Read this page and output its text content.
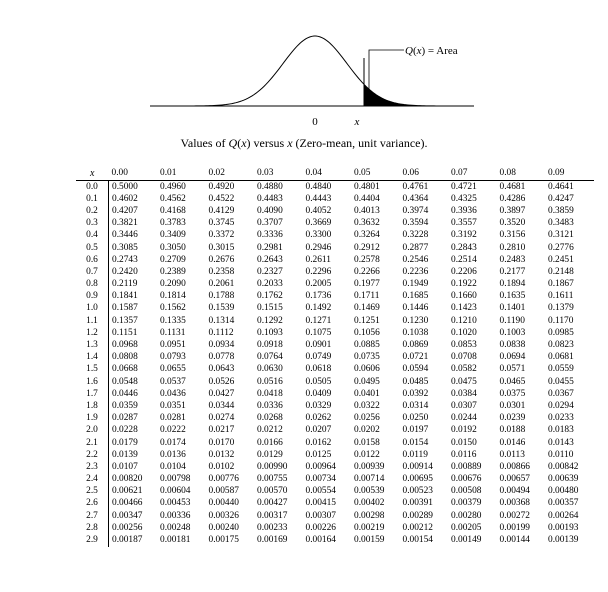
Q(x) = Area
0	x
Values of Q(x) versus x (Zero-mean, unit variance).
x	0.00	0.01	0.02	0.03	0.04	0.05	0.06	0.07	0.08	0.09
0.0	0.5000	0.4960	0.4920	0.4880	0.4840	0.4801	0.4761	0.4721	0.4681	0.4641
0.1	0.4602	0.4562	0.4522	0.4483	0.4443	0.4404	0.4364	0.4325	0.4286	0.4247
0.2	0.4207	0.4168	0.4129	0.4090	0.4052	0.4013	0.3974	0.3936	0.3897	0.3859
0.3	0.3821	0.3783	0.3745	0.3707	0.3669	0.3632	0.3594	0.3557	0.3520	0.3483
0.4	0.3446	0.3409	0.3372	0.3336	0.3300	0.3264	0.3228	0.3192	0.3156	0.3121
0.5	0.3085	0.3050	0.3015	0.2981	0.2946	0.2912	0.2877	0.2843	0.2810	0.2776
0.6	0.2743	0.2709	0.2676	0.2643	0.2611	0.2578	0.2546	0.2514	0.2483	0.2451
0.7	0.2420	0.2389	0.2358	0.2327	0.2296	0.2266	0.2236	0.2206	0.2177	0.2148
0.8	0.2119	0.2090	0.2061	0.2033	0.2005	0.1977	0.1949	0.1922	0.1894	0.1867
0.9	0.1841	0.1814	0.1788	0.1762	0.1736	0.1711	0.1685	0.1660	0.1635	0.1611
1.0	0.1587	0.1562	0.1539	0.1515	0.1492	0.1469	0.1446	0.1423	0.1401	0.1379
1.1	0.1357	0.1335	0.1314	0.1292	0.1271	0.1251	0.1230	0.1210	0.1190	0.1170
1.2	0.1151	0.1131	0.1112	0.1093	0.1075	0.1056	0.1038	0.1020	0.1003	0.0985
1.3	0.0968	0.0951	0.0934	0.0918	0.0901	0.0885	0.0869	0.0853	0.0838	0.0823
1.4	0.0808	0.0793	0.0778	0.0764	0.0749	0.0735	0.0721	0.0708	0.0694	0.0681
1.5	0.0668	0.0655	0.0643	0.0630	0.0618	0.0606	0.0594	0.0582	0.0571	0.0559
1.6	0.0548	0.0537	0.0526	0.0516	0.0505	0.0495	0.0485	0.0475	0.0465	0.0455
1.7	0.0446	0.0436	0.0427	0.0418	0.0409	0.0401	0.0392	0.0384	0.0375	0.0367
1.8	0.0359	0.0351	0.0344	0.0336	0.0329	0.0322	0.0314	0.0307	0.0301	0.0294
1.9	0.0287	0.0281	0.0274	0.0268	0.0262	0.0256	0.0250	0.0244	0.0239	0.0233
2.0	0.0228	0.0222	0.0217	0.0212	0.0207	0.0202	0.0197	0.0192	0.0188	0.0183
2.1	0.0179	0.0174	0.0170	0.0166	0.0162	0.0158	0.0154	0.0150	0.0146	0.0143
2.2	0.0139	0.0136	0.0132	0.0129	0.0125	0.0122	0.0119	0.0116	0.0113	0.0110
2.3	0.0107	0.0104	0.0102	0.00990	0.00964	0.00939	0.00914	0.00889	0.00866	0.00842
2.4	0.00820	0.00798	0.00776	0.00755	0.00734	0.00714	0.00695	0.00676	0.00657	0.00639
2.5	0.00621	0.00604	0.00587	0.00570	0.00554	0.00539	0.00523	0.00508	0.00494	0.00480
2.6	0.00466	0.00453	0.00440	0.00427	0.00415	0.00402	0.00391	0.00379	0.00368	0.00357
2.7	0.00347	0.00336	0.00326	0.00317	0.00307	0.00298	0.00289	0.00280	0.00272	0.00264
2.8	0.00256	0.00248	0.00240	0.00233	0.00226	0.00219	0.00212	0.00205	0.00199	0.00193
2.9	0.00187	0.00181	0.00175	0.00169	0.00164	0.00159	0.00154	0.00149	0.00144	0.00139
